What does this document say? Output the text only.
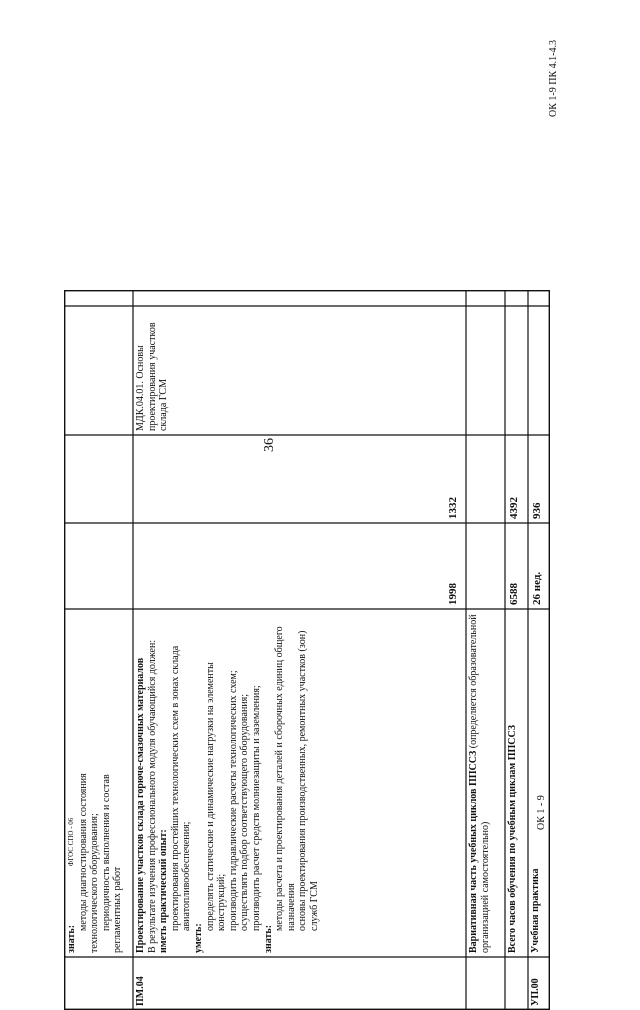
36
ФГОС СПО - 06
знать:
методы диагностирования состояния технологического оборудования; периодичность выполнения и состав регламентных работ
ПМ.04
Проектирование участков склада горюче-смазочных материалов В результате изучения профессионального модуля обучающийся должен: иметь практический опыт: проектирования простейших технологических схем в зонах склада авиатопливообеспечения;
уметь:
определять статические и динамические нагрузки на элементы конструкций; производить гидравлические расчеты технологических схем; осуществлять подбор соответствующего оборудования; производить расчет средств молниезащиты и заземления;
знать:
методы расчета и проектирования деталей и сборочных единиц общего назначения основы проектирования производственных, ремонтных участков (зон) служб ГСМ
1998
1332
МДК.04.01. Основы проектирования участков склада ГСМ
Вариативная часть учебных циклов ППССЗ (определяется образовательной организацией самостоятельно)	Всего часов обучения по учебным циклам ППССЗ
6588
4392
УП.00
Учебная практика
26 нед.
936
ОК 1-9 ПК 4.1-4.3
ОК 1 - 9
